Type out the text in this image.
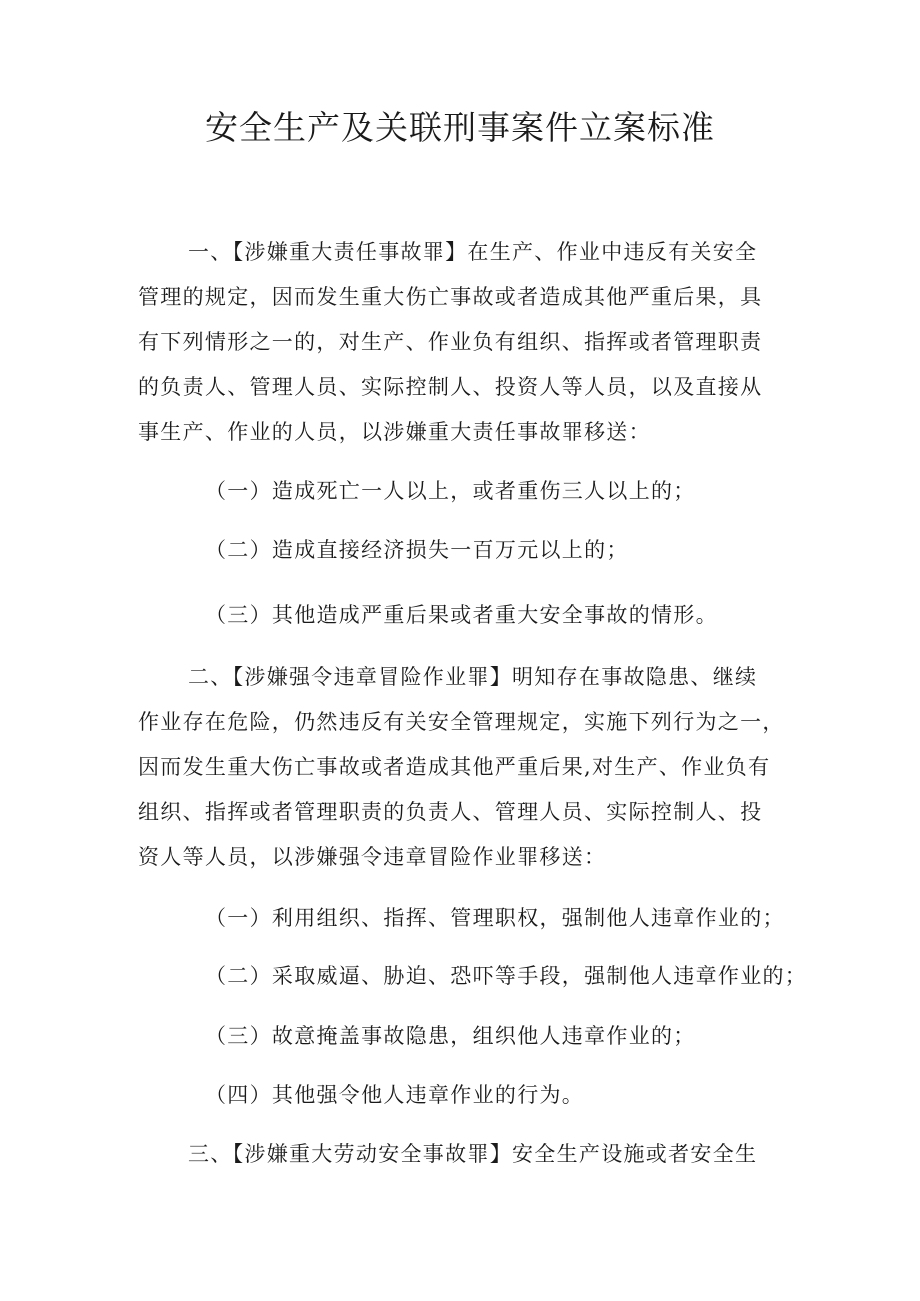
安全生产及关联刑事案件立案标准
一、【涉嫌重大责任事故罪】在生产、作业中违反有关安全
管理的规定，因而发生重大伤亡事故或者造成其他严重后果，具
有下列情形之一的，对生产、作业负有组织、指挥或者管理职责
的负责人、管理人员、实际控制人、投资人等人员，以及直接从
事生产、作业的人员，以涉嫌重大责任事故罪移送：
（一）造成死亡一人以上，或者重伤三人以上的；
（二）造成直接经济损失一百万元以上的；
（三）其他造成严重后果或者重大安全事故的情形。
二、【涉嫌强令违章冒险作业罪】明知存在事故隐患、继续
作业存在危险，仍然违反有关安全管理规定，实施下列行为之一，
因而发生重大伤亡事故或者造成其他严重后果,对生产、作业负有
组织、指挥或者管理职责的负责人、管理人员、实际控制人、投
资人等人员，以涉嫌强令违章冒险作业罪移送：
（一）利用组织、指挥、管理职权，强制他人违章作业的；
（二）采取威逼、胁迫、恐吓等手段，强制他人违章作业的；
（三）故意掩盖事故隐患，组织他人违章作业的；
（四）其他强令他人违章作业的行为。
三、【涉嫌重大劳动安全事故罪】安全生产设施或者安全生
